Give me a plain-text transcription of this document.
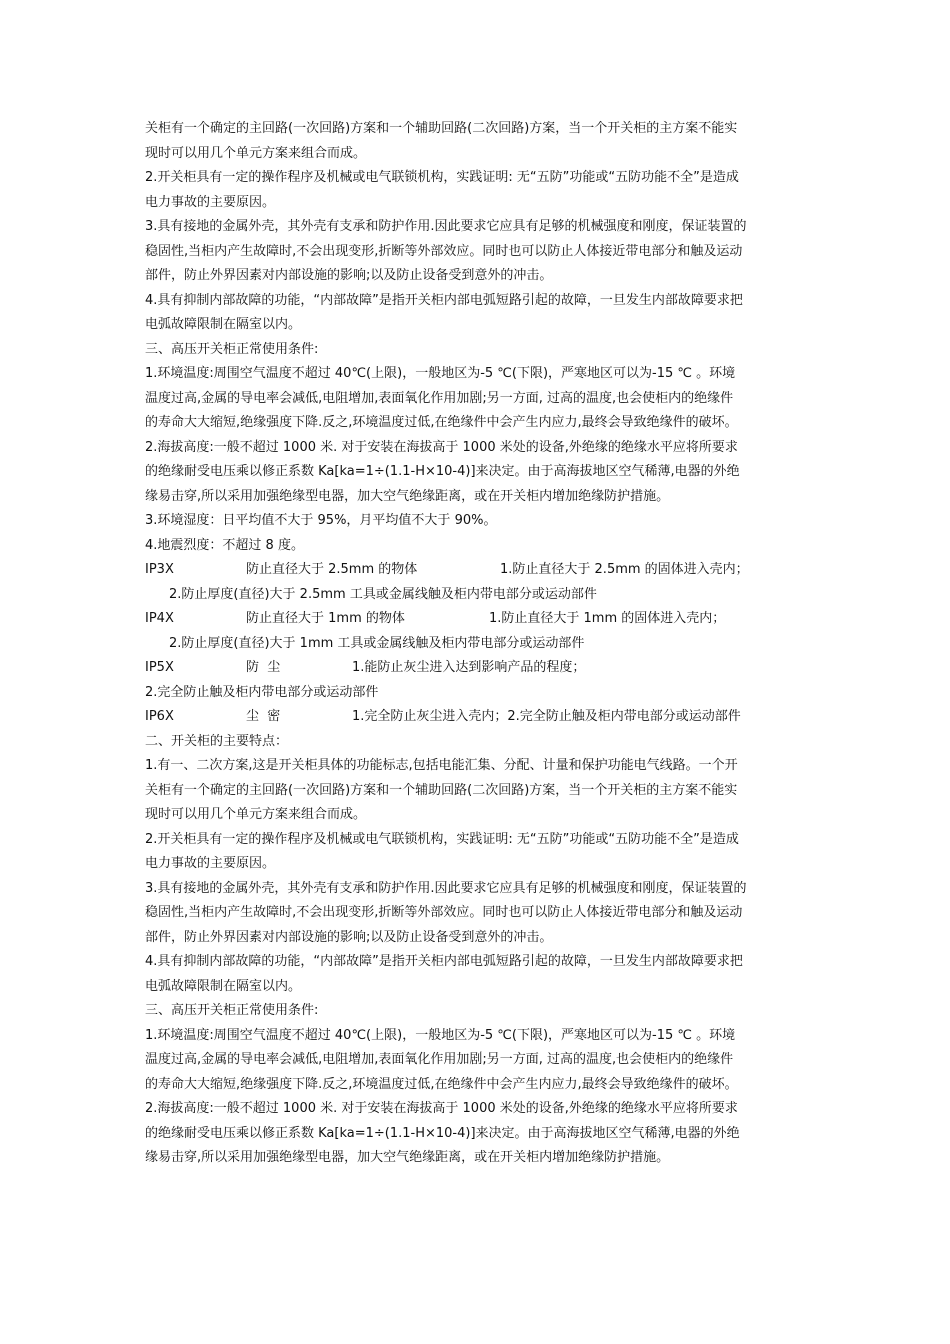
关柜有一个确定的主回路(一次回路)方案和一个辅助回路(二次回路)方案，当一个开关柜的主方案不能实
现时可以用几个单元方案来组合而成。
2.开关柜具有一定的操作程序及机械或电气联锁机构，实践证明: 无“五防”功能或“五防功能不全”是造成
电力事故的主要原因。
3.具有接地的金属外壳，其外壳有支承和防护作用.因此要求它应具有足够的机械强度和刚度，保证装置的
稳固性,当柜内产生故障时,不会出现变形,折断等外部效应。同时也可以防止人体接近带电部分和触及运动
部件，防止外界因素对内部设施的影响;以及防止设备受到意外的冲击。
4.具有抑制内部故障的功能，“内部故障”是指开关柜内部电弧短路引起的故障，一旦发生内部故障要求把
电弧故障限制在隔室以内。
三、高压开关柜正常使用条件:
1.环境温度:周围空气温度不超过 40℃(上限)，一般地区为-5 ℃(下限)，严寒地区可以为-15 ℃ 。环境
温度过高,金属的导电率会减低,电阻增加,表面氧化作用加剧;另一方面, 过高的温度,也会使柜内的绝缘件
的寿命大大缩短,绝缘强度下降.反之,环境温度过低,在绝缘件中会产生内应力,最终会导致绝缘件的破坏。
2.海拔高度:一般不超过 1000 米. 对于安装在海拔高于 1000 米处的设备,外绝缘的绝缘水平应将所要求
的绝缘耐受电压乘以修正系数 Ka[ka=1÷(1.1-H×10-4)]来决定。由于高海拔地区空气稀薄,电器的外绝
缘易击穿,所以采用加强绝缘型电器，加大空气绝缘距离，或在开关柜内增加绝缘防护措施。
3.环境湿度：日平均值不大于 95%，月平均值不大于 90%。
4.地震烈度：不超过 8 度。
IP3X	防止直径大于 2.5mm 的物体	1.防止直径大于 2.5mm 的固体进入壳内；
2.防止厚度(直径)大于 2.5mm 工具或金属线触及柜内带电部分或运动部件
IP4X	防止直径大于 1mm 的物体	1.防止直径大于 1mm 的固体进入壳内；
2.防止厚度(直径)大于 1mm 工具或金属线触及柜内带电部分或运动部件
IP5X	防  尘	1.能防止灰尘进入达到影响产品的程度；
2.完全防止触及柜内带电部分或运动部件
IP6X	尘  密	1.完全防止灰尘进入壳内；2.完全防止触及柜内带电部分或运动部件
二、开关柜的主要特点：
1.有一、二次方案,这是开关柜具体的功能标志,包括电能汇集、分配、计量和保护功能电气线路。一个开
关柜有一个确定的主回路(一次回路)方案和一个辅助回路(二次回路)方案，当一个开关柜的主方案不能实
现时可以用几个单元方案来组合而成。
2.开关柜具有一定的操作程序及机械或电气联锁机构，实践证明: 无“五防”功能或“五防功能不全”是造成
电力事故的主要原因。
3.具有接地的金属外壳，其外壳有支承和防护作用.因此要求它应具有足够的机械强度和刚度，保证装置的
稳固性,当柜内产生故障时,不会出现变形,折断等外部效应。同时也可以防止人体接近带电部分和触及运动
部件，防止外界因素对内部设施的影响;以及防止设备受到意外的冲击。
4.具有抑制内部故障的功能，“内部故障”是指开关柜内部电弧短路引起的故障，一旦发生内部故障要求把
电弧故障限制在隔室以内。
三、高压开关柜正常使用条件:
1.环境温度:周围空气温度不超过 40℃(上限)，一般地区为-5 ℃(下限)，严寒地区可以为-15 ℃ 。环境
温度过高,金属的导电率会减低,电阻增加,表面氧化作用加剧;另一方面, 过高的温度,也会使柜内的绝缘件
的寿命大大缩短,绝缘强度下降.反之,环境温度过低,在绝缘件中会产生内应力,最终会导致绝缘件的破坏。
2.海拔高度:一般不超过 1000 米. 对于安装在海拔高于 1000 米处的设备,外绝缘的绝缘水平应将所要求
的绝缘耐受电压乘以修正系数 Ka[ka=1÷(1.1-H×10-4)]来决定。由于高海拔地区空气稀薄,电器的外绝
缘易击穿,所以采用加强绝缘型电器，加大空气绝缘距离，或在开关柜内增加绝缘防护措施。
